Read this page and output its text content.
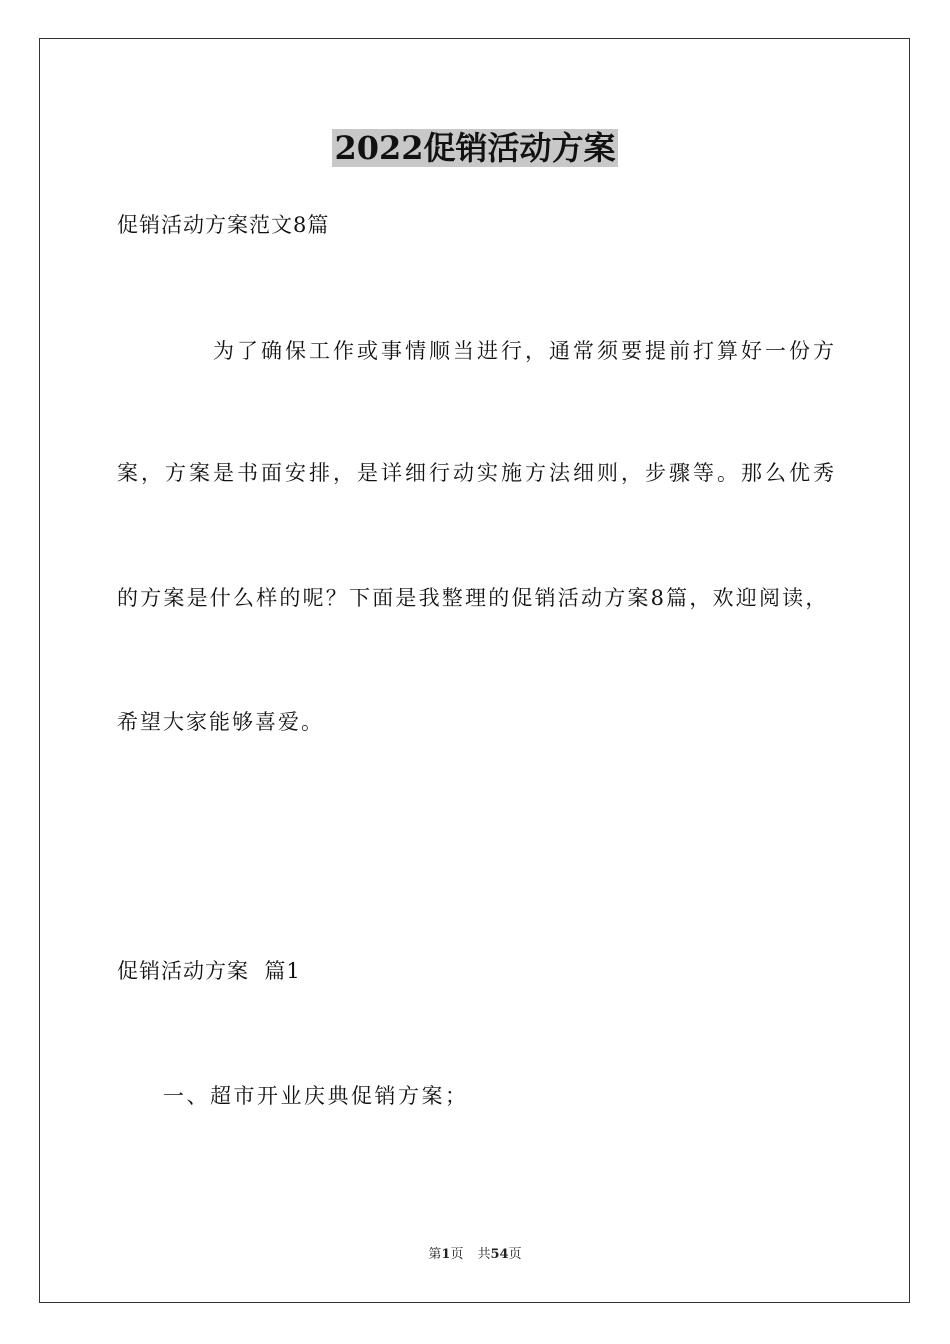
2022促销活动方案
促销活动方案范文8篇
为了确保工作或事情顺当进行，通常须要提前打算好一份方
案，方案是书面安排，是详细行动实施方法细则，步骤等。那么优秀
的方案是什么样的呢？下面是我整理的促销活动方案8篇，欢迎阅读，
希望大家能够喜爱。
促销活动方案  篇1
一、超市开业庆典促销方案；
第1页 共54页
